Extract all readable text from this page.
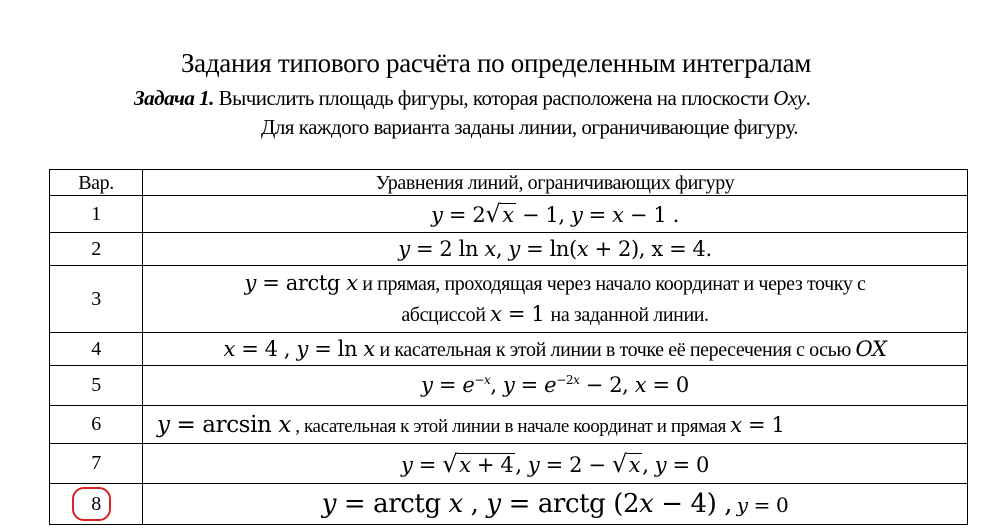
Задания типового расчёта по определенным интегралам
Задача 1. Вычислить площадь фигуры, которая расположена на плоскости Oxy.
Для каждого варианта заданы линии, ограничивающие фигуру.
Вар.	Уравнения линий, ограничивающих фигуру
1	y = 2√x − 1, y = x − 1 .
2	y = 2 ln x, y = ln(x + 2), x = 4.
3	y = arctg x и прямая, проходящая через начало координат и через точку с
абсциссой x = 1 на заданной линии.

4	x = 4 , y = ln x и касательная к этой линии в точке её пересечения с осью OX
5	$y = e^{-x}$, $y = e^{-2x} - 2$, x = 0
6	y = arcsin x , касательная к этой линии в начале координат и прямая x = 1
7	y = √x + 4, y = 2 − √x, y = 0

8	y = arctg x , y = arctg (2x − 4) , y = 0
